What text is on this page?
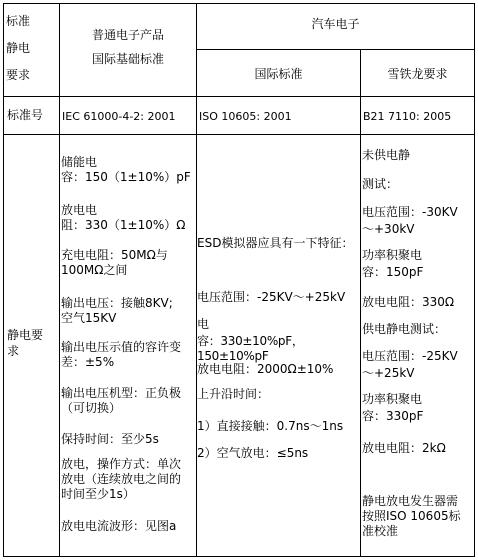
标准
静电
要求
普通电子产品
国际基础标准
汽车电子
国际标准	雪铁龙要求
标准号 IEC 61000-4-2: 2001 ISO 10605: 2001	B21 7110: 2005
静电要
求
储能电
容：150（1±10%）pF
放电电
阻：330（1±10%）Ω
充电电阻：50MΩ与
100MΩ之间
输出电压：接触8KV;
空气15KV
输出电压示值的容许变
差：±5%
输出电压机型：正负极
（可切换）
保持时间：至少5s
放电，操作方式：单次
放电（连续放电之间的
时间至少1s）
放电电流波形：见图a
ESD模拟器应具有一下特征：
电压范围：-25KV～+25kV
电
容：330±10%pF，150±10%pF
放电电阻：2000Ω±10%
上升沿时间：
1）直接接触：0.7ns～1ns
2）空气放电：≤5ns
未供电静
测试：
电压范围：-30KV
～+30kV
功率积聚电
容：150pF
放电电阻：330Ω
供电静电测试：
电压范围：-25KV
～+25kV
功率积聚电
容：330pF
放电电阻：2kΩ
静电放电发生器需
按照ISO 10605标
准校准
